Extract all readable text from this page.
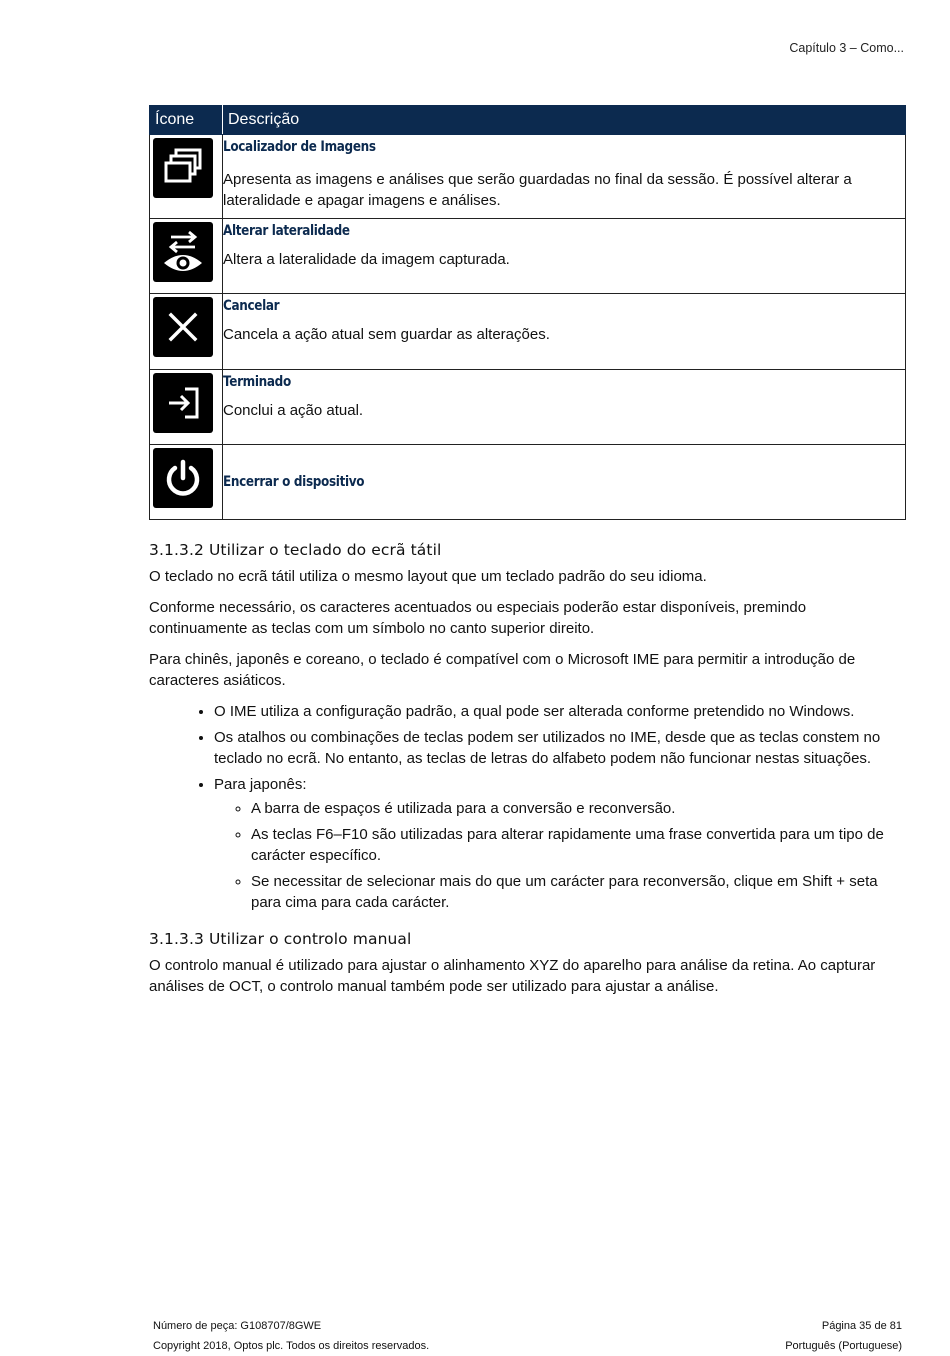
Capítulo 3 – Como...
Ícone	Descrição

Localizador de Imagens
Apresenta as imagens e análises que serão guardadas no final da sessão. É possível alterar a lateralidade e apagar imagens e análises.

Alterar lateralidade
Altera a lateralidade da imagem capturada.

Cancelar
Cancela a ação atual sem guardar as alterações.

Terminado
Conclui a ação atual.

Encerrar o dispositivo
3.1.3.2 Utilizar o teclado do ecrã tátil

O teclado no ecrã tátil utiliza o mesmo layout que um teclado padrão do seu idioma.

Conforme necessário, os caracteres acentuados ou especiais poderão estar disponíveis, premindo continuamente as teclas com um símbolo no canto superior direito.

Para chinês, japonês e coreano, o teclado é compatível com o Microsoft IME para permitir a introdução de caracteres asiáticos.

• O IME utiliza a configuração padrão, a qual pode ser alterada conforme pretendido no Windows.
• Os atalhos ou combinações de teclas podem ser utilizados no IME, desde que as teclas constem no teclado no ecrã. No entanto, as teclas de letras do alfabeto podem não funcionar nestas situações.
• Para japonês:
◦ A barra de espaços é utilizada para a conversão e reconversão.
◦ As teclas F6–F10 são utilizadas para alterar rapidamente uma frase convertida para um tipo de carácter específico.
◦ Se necessitar de selecionar mais do que um carácter para reconversão, clique em Shift + seta para cima para cada carácter.
3.1.3.3 Utilizar o controlo manual

O controlo manual é utilizado para ajustar o alinhamento XYZ do aparelho para análise da retina. Ao capturar análises de OCT, o controlo manual também pode ser utilizado para ajustar a análise.

Número de peça: G108707/8GWE
Copyright 2018, Optos plc. Todos os direitos reservados.
Página 35 de 81
Português (Portuguese)
